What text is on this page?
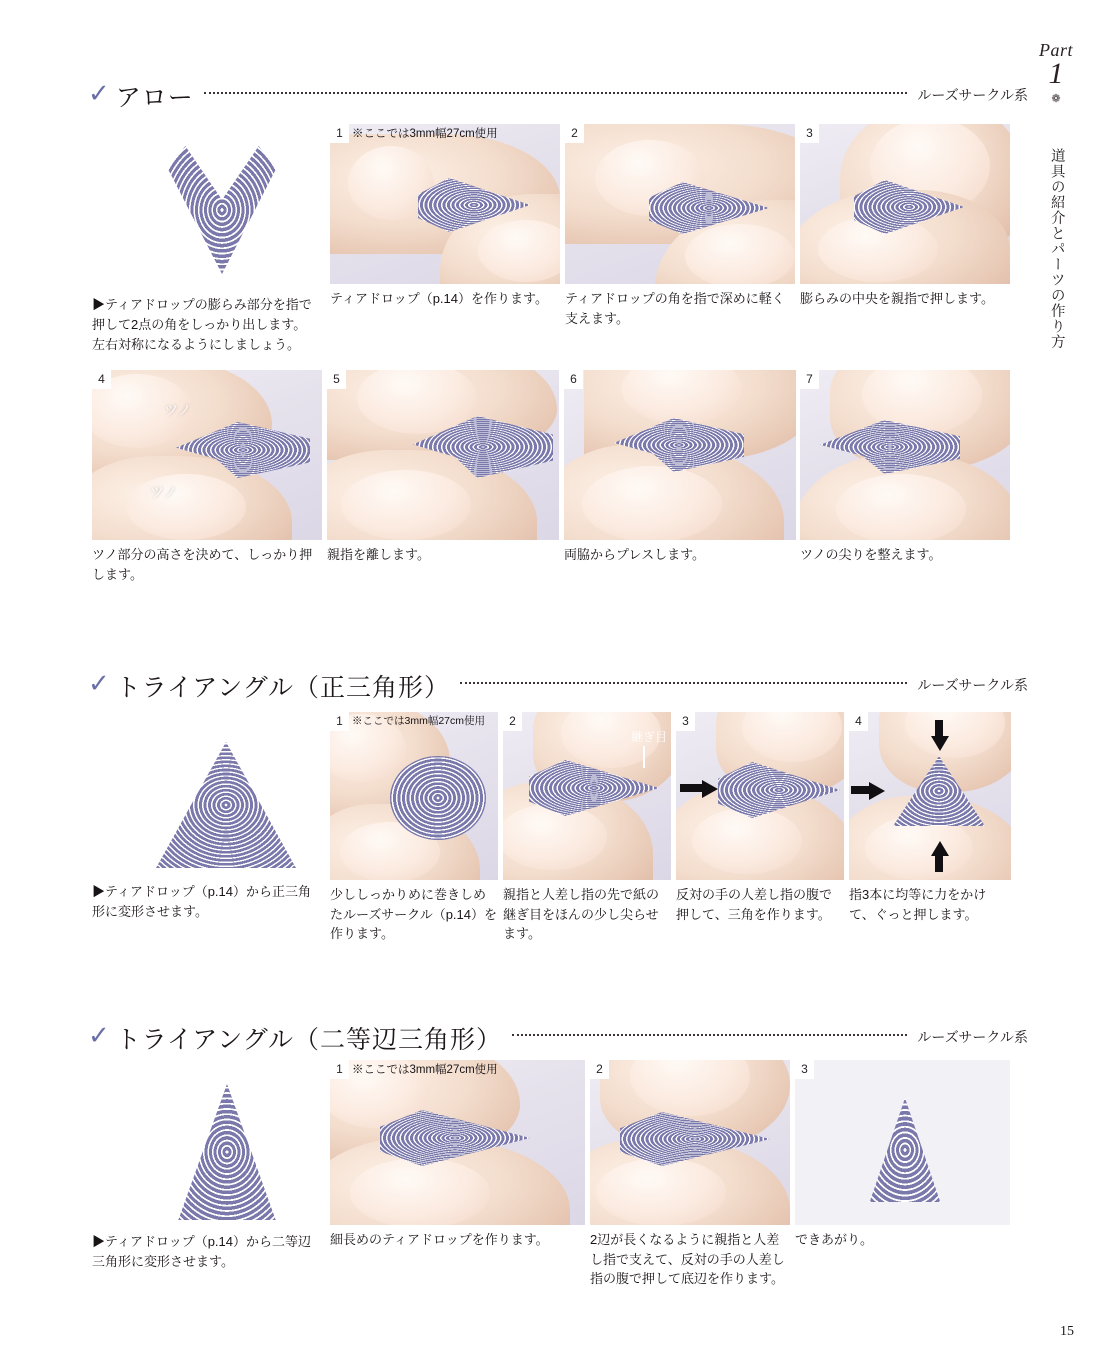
Part
1
❁
道具の紹介とパーツの作り方
✓ アロー	ルーズサークル系
▶ティアドロップの膨らみ部分を指で押して2点の角をしっかり出します。左右対称になるようにしましょう。
1 ※ここでは3mm幅27cm使用
ティアドロップ（p.14）を作ります。
2
ティアドロップの角を指で深めに軽く支えます。
3
膨らみの中央を親指で押します。
ツノ
ツノ
4
ツノ部分の高さを決めて、しっかり押します。
5
親指を離します。
6
両脇からプレスします。
7
ツノの尖りを整えます。
✓ トライアングル（正三角形）	ルーズサークル系
▶ティアドロップ（p.14）から正三角形に変形させます。
1 ※ここでは3mm幅27cm使用
少ししっかりめに巻きしめたルーズサークル（p.14）を作ります。
継ぎ目
2
親指と人差し指の先で紙の継ぎ目をほんの少し尖らせます。
3
反対の手の人差し指の腹で押して、三角を作ります。
4
指3本に均等に力をかけて、ぐっと押します。
✓ トライアングル（二等辺三角形）	ルーズサークル系
▶ティアドロップ（p.14）から二等辺三角形に変形させます。
1 ※ここでは3mm幅27cm使用
細長めのティアドロップを作ります。
2
2辺が長くなるように親指と人差し指で支えて、反対の手の人差し指の腹で押して底辺を作ります。
3
できあがり。
15
